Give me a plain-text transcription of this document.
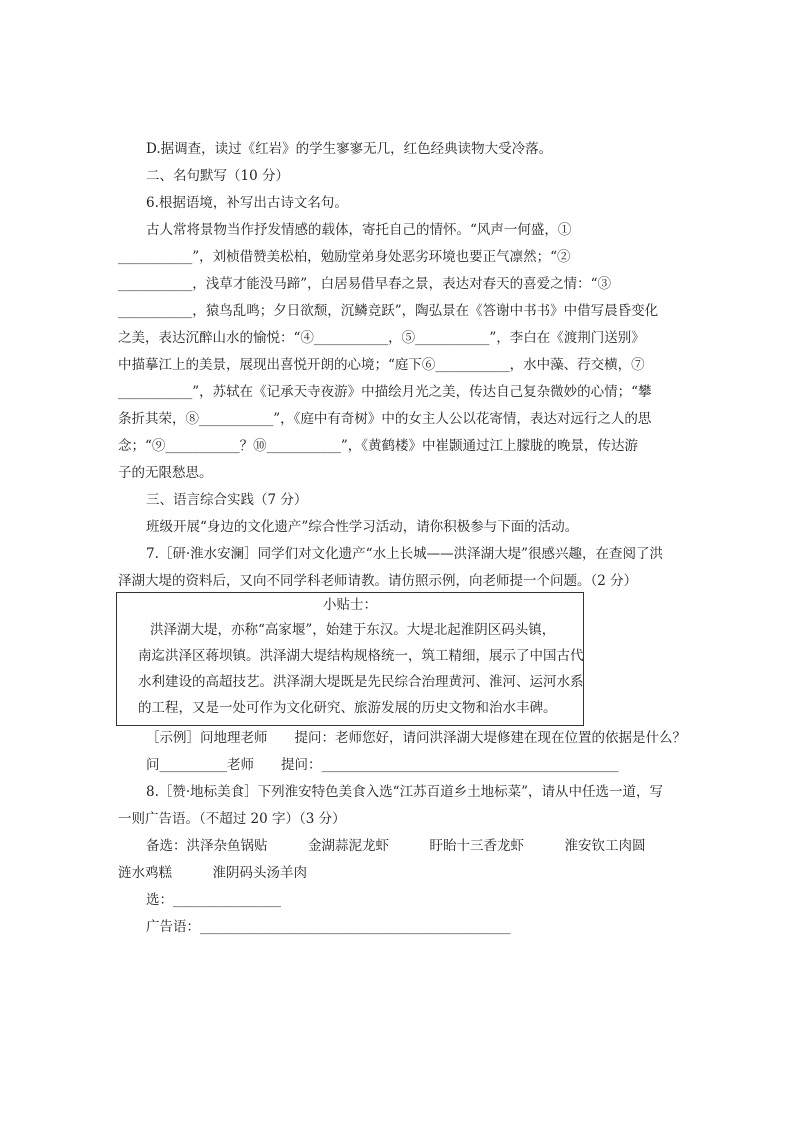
D.据调查，读过《红岩》的学生寥寥无几，红色经典读物大受冷落。
二、名句默写（10 分）
6.根据语境，补写出古诗文名句。
古人常将景物当作抒发情感的载体，寄托自己的情怀。“风声一何盛，①
___________”，刘桢借赞美松柏，勉励堂弟身处恶劣环境也要正气凛然；“②
___________，浅草才能没马蹄”，白居易借早春之景，表达对春天的喜爱之情：“③
___________，猿鸟乱鸣；夕日欲颓，沉鳞竞跃”，陶弘景在《答谢中书书》中借写晨昏变化
之美，表达沉醉山水的愉悦：“④___________，⑤___________”，李白在《渡荆门送别》
中描摹江上的美景，展现出喜悦开朗的心境；“庭下⑥___________，水中藻、荇交横，⑦
___________”，苏轼在《记承天寺夜游》中描绘月光之美，传达自己复杂微妙的心情；“攀
条折其荣，⑧___________”，《庭中有奇树》中的女主人公以花寄情，表达对远行之人的思
念；“⑨___________？⑩___________”，《黄鹤楼》中崔颢通过江上朦胧的晚景，传达游
子的无限愁思。
三、语言综合实践（7 分）
班级开展“身边的文化遗产”综合性学习活动，请你积极参与下面的活动。
7.［研·淮水安澜］同学们对文化遗产“水上长城——洪泽湖大堤”很感兴趣，在查阅了洪
泽湖大堤的资料后，又向不同学科老师请教。请仿照示例，向老师提一个问题。（2 分）
小贴士：
洪泽湖大堤，亦称“高家堰”，始建于东汉。大堤北起淮阴区码头镇，
南迄洪泽区蒋坝镇。洪泽湖大堤结构规格统一，筑工精细，展示了中国古代
水利建设的高超技艺。洪泽湖大堤既是先民综合治理黄河、淮河、运河水系
的工程，又是一处可作为文化研究、旅游发展的历史文物和治水丰碑。
［示例］问地理老师　　提问：老师您好，请问洪泽湖大堤修建在现在位置的依据是什么？
问__________老师　　提问：____________________________________________
8.［赞·地标美食］下列淮安特色美食入选“江苏百道乡土地标菜”，请从中任选一道，写
一则广告语。（不超过 20 字）（3 分）
备选：洪泽杂鱼锅贴　　　金湖蒜泥龙虾　　　盱眙十三香龙虾　　　淮安钦工肉圆
涟水鸡糕　　　淮阴码头汤羊肉
选：________________
广告语：______________________________________________
